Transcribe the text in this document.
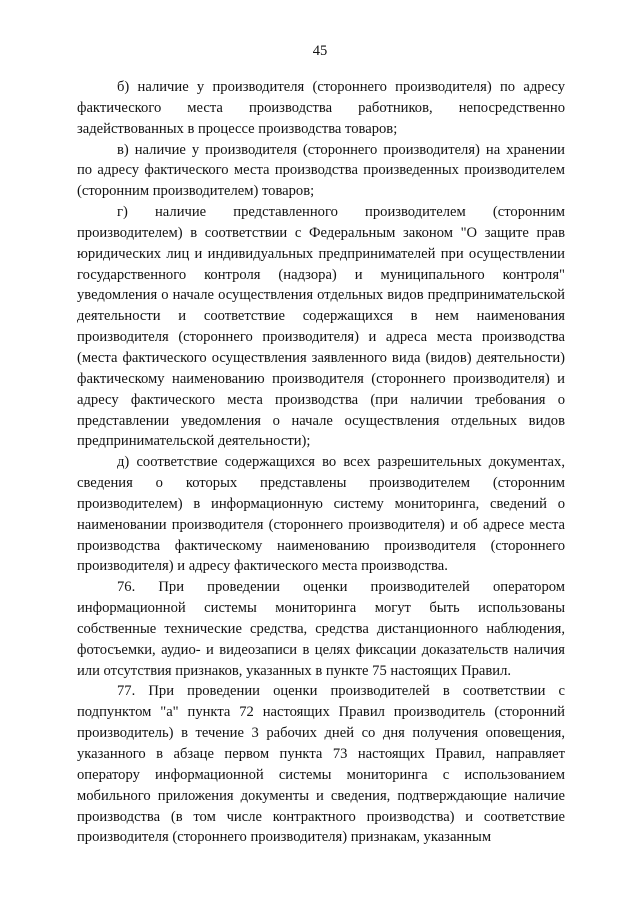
45

б) наличие у производителя (стороннего производителя) по адресу фактического места производства работников, непосредственно задействованных в процессе производства товаров;

в) наличие у производителя (стороннего производителя) на хранении по адресу фактического места производства произведенных производителем (сторонним производителем) товаров;

г) наличие представленного производителем (сторонним производителем) в соответствии с Федеральным законом "О защите прав юридических лиц и индивидуальных предпринимателей при осуществлении государственного контроля (надзора) и муниципального контроля" уведомления о начале осуществления отдельных видов предпринимательской деятельности и соответствие содержащихся в нем наименования производителя (стороннего производителя) и адреса места производства (места фактического осуществления заявленного вида (видов) деятельности) фактическому наименованию производителя (стороннего производителя) и адресу фактического места производства (при наличии требования о представлении уведомления о начале осуществления отдельных видов предпринимательской деятельности);

д) соответствие содержащихся во всех разрешительных документах, сведения о которых представлены производителем (сторонним производителем) в информационную систему мониторинга, сведений о наименовании производителя (стороннего производителя) и об адресе места производства фактическому наименованию производителя (стороннего производителя) и адресу фактического места производства.

76. При проведении оценки производителей оператором информационной системы мониторинга могут быть использованы собственные технические средства, средства дистанционного наблюдения, фотосъемки, аудио- и видеозаписи в целях фиксации доказательств наличия или отсутствия признаков, указанных в пункте 75 настоящих Правил.

77. При проведении оценки производителей в соответствии с подпунктом "а" пункта 72 настоящих Правил производитель (сторонний производитель) в течение 3 рабочих дней со дня получения оповещения, указанного в абзаце первом пункта 73 настоящих Правил, направляет оператору информационной системы мониторинга с использованием мобильного приложения документы и сведения, подтверждающие наличие производства (в том числе контрактного производства) и соответствие производителя (стороннего производителя) признакам, указанным
